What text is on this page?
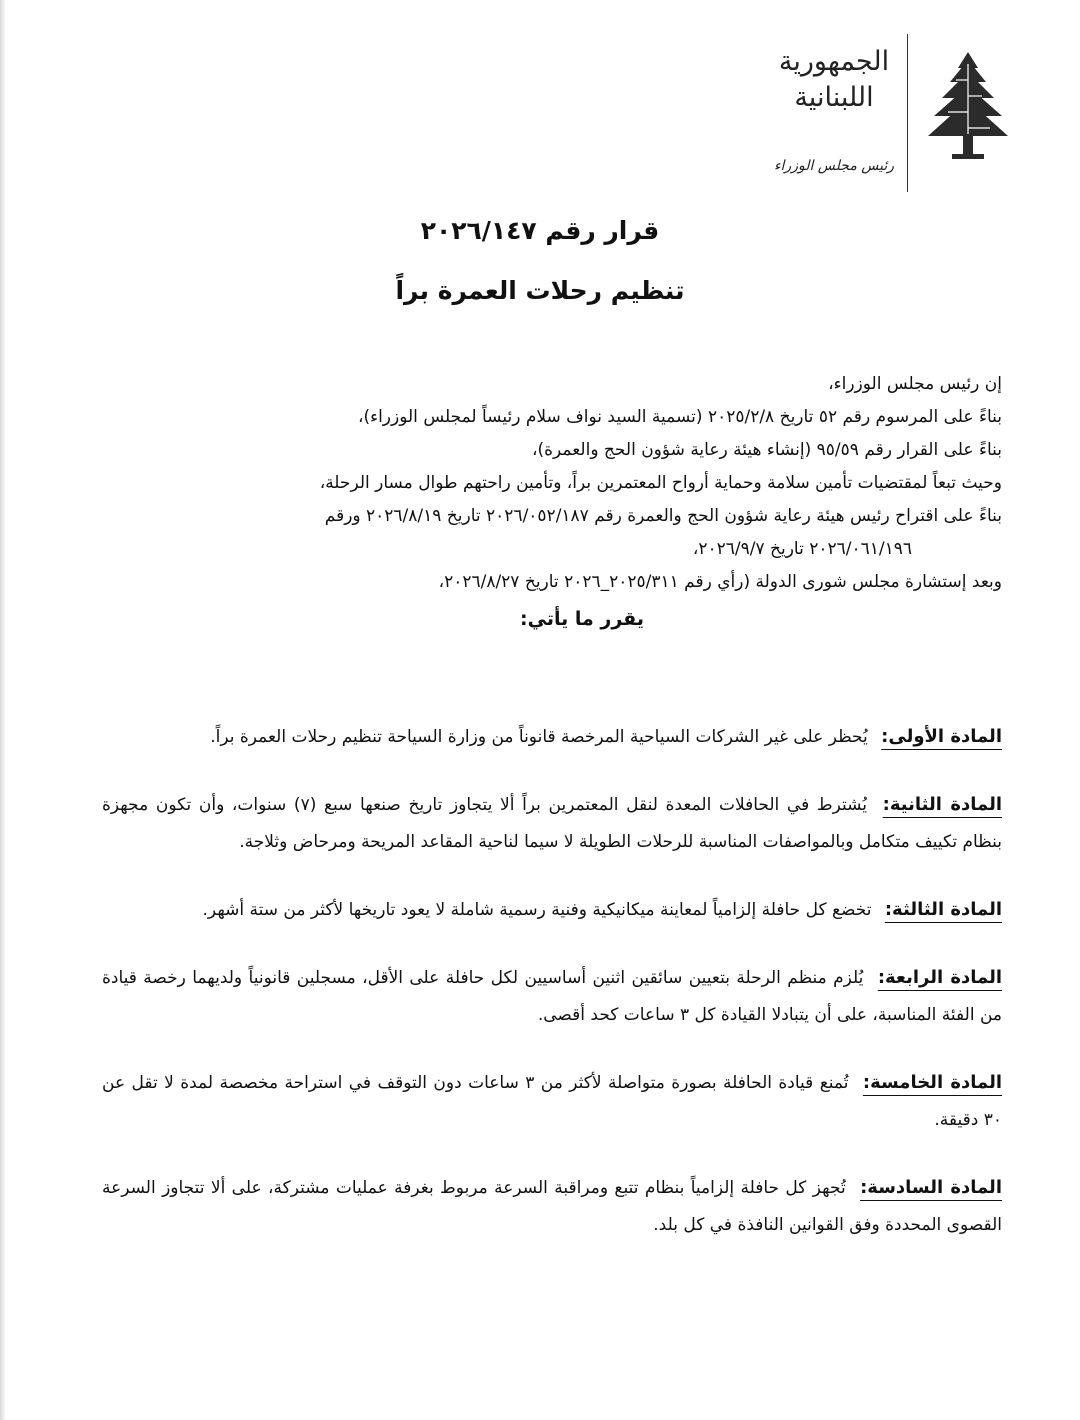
الجمهورية
اللبنانية
رئيس مجلس الوزراء
قرار رقم ٢٠٢٦/١٤٧
تنظيم رحلات العمرة براً
إن رئيس مجلس الوزراء،
بناءً على المرسوم رقم ٥٢ تاريخ ٢٠٢٥/٢/٨ (تسمية السيد نواف سلام رئيساً لمجلس الوزراء)،
بناءً على القرار رقم ٩٥/٥٩ (إنشاء هيئة رعاية شؤون الحج والعمرة)،
وحيث تبعاً لمقتضيات تأمين سلامة وحماية أرواح المعتمرين براً، وتأمين راحتهم طوال مسار الرحلة،
بناءً على اقتراح رئيس هيئة رعاية شؤون الحج والعمرة رقم ٢٠٢٦/٠٥٢/١٨٧ تاريخ ٢٠٢٦/٨/١٩ ورقم
٢٠٢٦/٠٦١/١٩٦ تاريخ ٢٠٢٦/٩/٧،
وبعد إستشارة مجلس شورى الدولة (رأي رقم ٢٠٢٥/٣١١_٢٠٢٦ تاريخ ٢٠٢٦/٨/٢٧،
يقرر ما يأتي:
المادة الأولى: يُحظر على غير الشركات السياحية المرخصة قانوناً من وزارة السياحة تنظيم رحلات العمرة براً.
المادة الثانية: يُشترط في الحافلات المعدة لنقل المعتمرين براً ألا يتجاوز تاريخ صنعها سبع (٧) سنوات، وأن تكون مجهزة بنظام تكييف متكامل وبالمواصفات المناسبة للرحلات الطويلة لا سيما لناحية المقاعد المريحة ومرحاض وثلاجة.
المادة الثالثة: تخضع كل حافلة إلزامياً لمعاينة ميكانيكية وفنية رسمية شاملة لا يعود تاريخها لأكثر من ستة أشهر.
المادة الرابعة: يُلزم منظم الرحلة بتعيين سائقين اثنين أساسيين لكل حافلة على الأقل، مسجلين قانونياً ولديهما رخصة قيادة من الفئة المناسبة، على أن يتبادلا القيادة كل ٣ ساعات كحد أقصى.
المادة الخامسة: تُمنع قيادة الحافلة بصورة متواصلة لأكثر من ٣ ساعات دون التوقف في استراحة مخصصة لمدة لا تقل عن ٣٠ دقيقة.
المادة السادسة: تُجهز كل حافلة إلزامياً بنظام تتبع ومراقبة السرعة مربوط بغرفة عمليات مشتركة، على ألا تتجاوز السرعة القصوى المحددة وفق القوانين النافذة في كل بلد.
